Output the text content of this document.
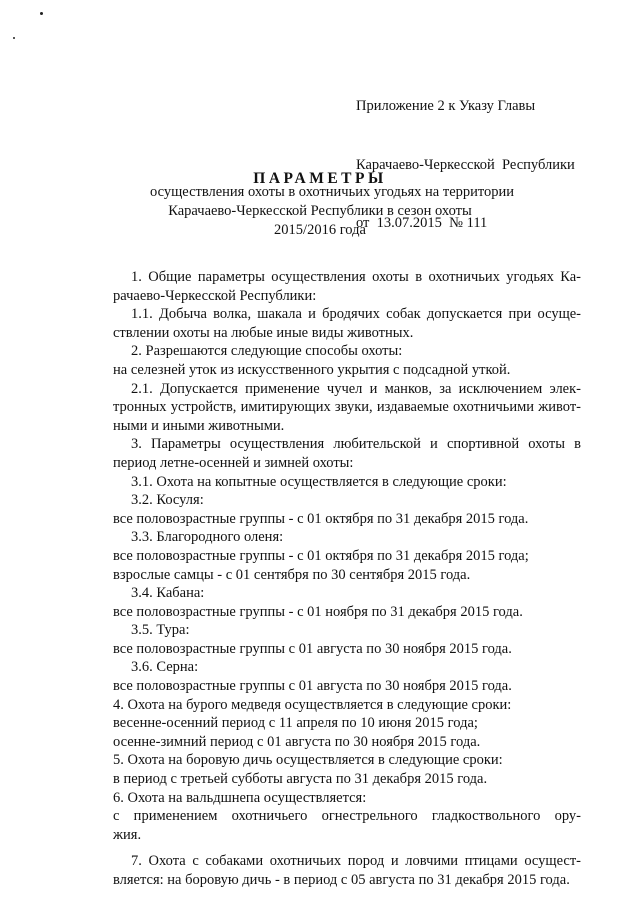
Приложение 2 к Указу Главы

Карачаево-Черкесской  Республики

от  13.07.2015  № 111

ПАРАМЕТРЫ
осуществления охоты в охотничьих угодьях на территории
Карачаево-Черкесской Республики в сезон охоты
2015/2016 года
1. Общие параметры осуществления охоты в охотничьих угодьях Ка-
рачаево-Черкесской Республики:
1.1. Добыча волка, шакала и бродячих собак допускается при осуще-
ствлении охоты на любые иные виды животных.
2. Разрешаются следующие способы охоты:
на селезней уток из искусственного укрытия с подсадной уткой.
2.1. Допускается применение чучел и манков, за исключением элек-
тронных устройств, имитирующих звуки, издаваемые охотничьими живот-
ными и иными животными.
3. Параметры осуществления любительской и спортивной охоты в
период летне-осенней и зимней охоты:
3.1. Охота на копытные осуществляется в следующие сроки:
3.2. Косуля:
все половозрастные группы - с 01 октября по 31 декабря 2015 года.
3.3. Благородного оленя:
все половозрастные группы - с 01 октября по 31 декабря 2015 года;
взрослые самцы - с 01 сентября по 30 сентября 2015 года.
3.4. Кабана:
все половозрастные группы - с 01 ноября по 31 декабря 2015 года.
3.5. Тура:
все половозрастные группы с 01 августа по 30 ноября 2015 года.
3.6. Серна:
все половозрастные группы с 01 августа по 30 ноября 2015 года.
4. Охота на бурого медведя осуществляется в следующие сроки:
весенне-осенний период с 11 апреля по 10 июня 2015 года;
осенне-зимний период с 01 августа по 30 ноября 2015 года.
5. Охота на боровую дичь осуществляется в следующие сроки:
в период с третьей субботы августа по 31 декабря 2015 года.
6. Охота на вальдшнепа осуществляется:
с применением охотничьего огнестрельного гладкоствольного ору-
жия.
7. Охота с собаками охотничьих пород и ловчими птицами осущест-
вляется: на боровую дичь - в период с 05 августа по 31 декабря 2015 года.
